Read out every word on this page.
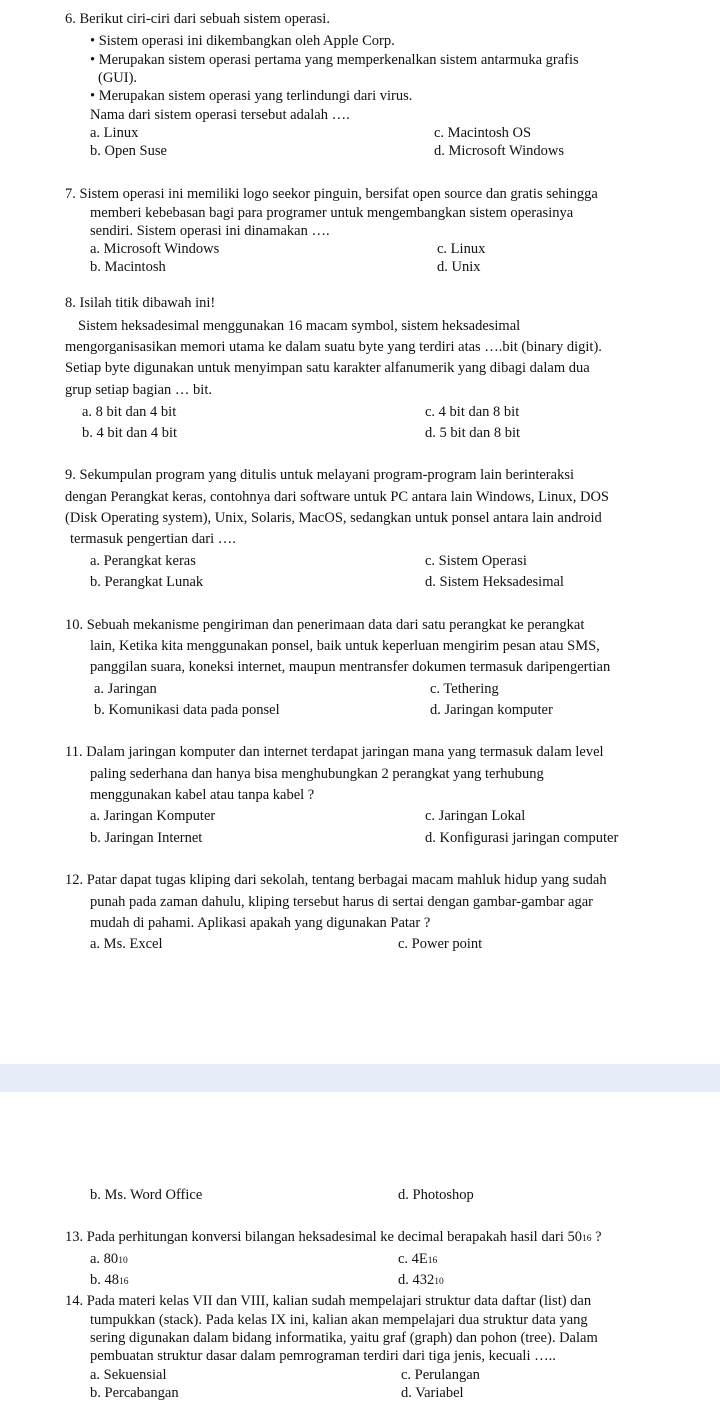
6. Berikut ciri-ciri dari sebuah sistem operasi.
• Sistem operasi ini dikembangkan oleh Apple Corp.
• Merupakan sistem operasi pertama yang memperkenalkan sistem antarmuka grafis
(GUI).
• Merupakan sistem operasi yang terlindungi dari virus.
Nama dari sistem operasi tersebut adalah ….
a. Linux	c. Macintosh OS
b. Open Suse	d. Microsoft Windows
7. Sistem operasi ini memiliki logo seekor pinguin, bersifat open source dan gratis sehingga
memberi kebebasan bagi para programer untuk mengembangkan sistem operasinya
sendiri. Sistem operasi ini dinamakan ….
a. Microsoft Windows	c. Linux
b. Macintosh	d. Unix
8. Isilah titik dibawah ini!
Sistem heksadesimal menggunakan 16 macam symbol, sistem heksadesimal
mengorganisasikan memori utama ke dalam suatu byte yang terdiri atas ….bit (binary digit).
Setiap byte digunakan untuk menyimpan satu karakter alfanumerik yang dibagi dalam dua
grup setiap bagian … bit.
a. 8 bit dan 4 bit	c. 4 bit dan 8 bit
b. 4 bit dan 4 bit	d. 5 bit dan 8 bit
9. Sekumpulan program yang ditulis untuk melayani program-program lain berinteraksi
dengan Perangkat keras, contohnya dari software untuk PC antara lain Windows, Linux, DOS
(Disk Operating system), Unix, Solaris, MacOS, sedangkan untuk ponsel antara lain android
termasuk pengertian dari ….
a. Perangkat keras	c. Sistem Operasi
b. Perangkat Lunak	d. Sistem Heksadesimal
10. Sebuah mekanisme pengiriman dan penerimaan data dari satu perangkat ke perangkat
lain, Ketika kita menggunakan ponsel, baik untuk keperluan mengirim pesan atau SMS,
panggilan suara, koneksi internet, maupun mentransfer dokumen termasuk daripengertian
a. Jaringan	c. Tethering
b. Komunikasi data pada ponsel	d. Jaringan komputer
11. Dalam jaringan komputer dan internet terdapat jaringan mana yang termasuk dalam level
paling sederhana dan hanya bisa menghubungkan 2 perangkat yang terhubung
menggunakan kabel atau tanpa kabel ?
a. Jaringan Komputer	c. Jaringan Lokal
b. Jaringan Internet	d. Konfigurasi jaringan computer
12. Patar dapat tugas kliping dari sekolah, tentang berbagai macam mahluk hidup yang sudah
punah pada zaman dahulu, kliping tersebut harus di sertai dengan gambar-gambar agar
mudah di pahami. Aplikasi apakah yang digunakan Patar ?
a. Ms. Excel	c. Power point
b. Ms. Word Office	d. Photoshop
13. Pada perhitungan konversi bilangan heksadesimal ke decimal berapakah hasil dari 5016 ?
a. 8010	c. 4E16
b. 4816	d. 43210
14. Pada materi kelas VII dan VIII, kalian sudah mempelajari struktur data daftar (list) dan
tumpukkan (stack). Pada kelas IX ini, kalian akan mempelajari dua struktur data yang
sering digunakan dalam bidang informatika, yaitu graf (graph) dan pohon (tree). Dalam
pembuatan struktur dasar dalam pemrograman terdiri dari tiga jenis, kecuali …..
a. Sekuensial	c. Perulangan
b. Percabangan	d. Variabel
